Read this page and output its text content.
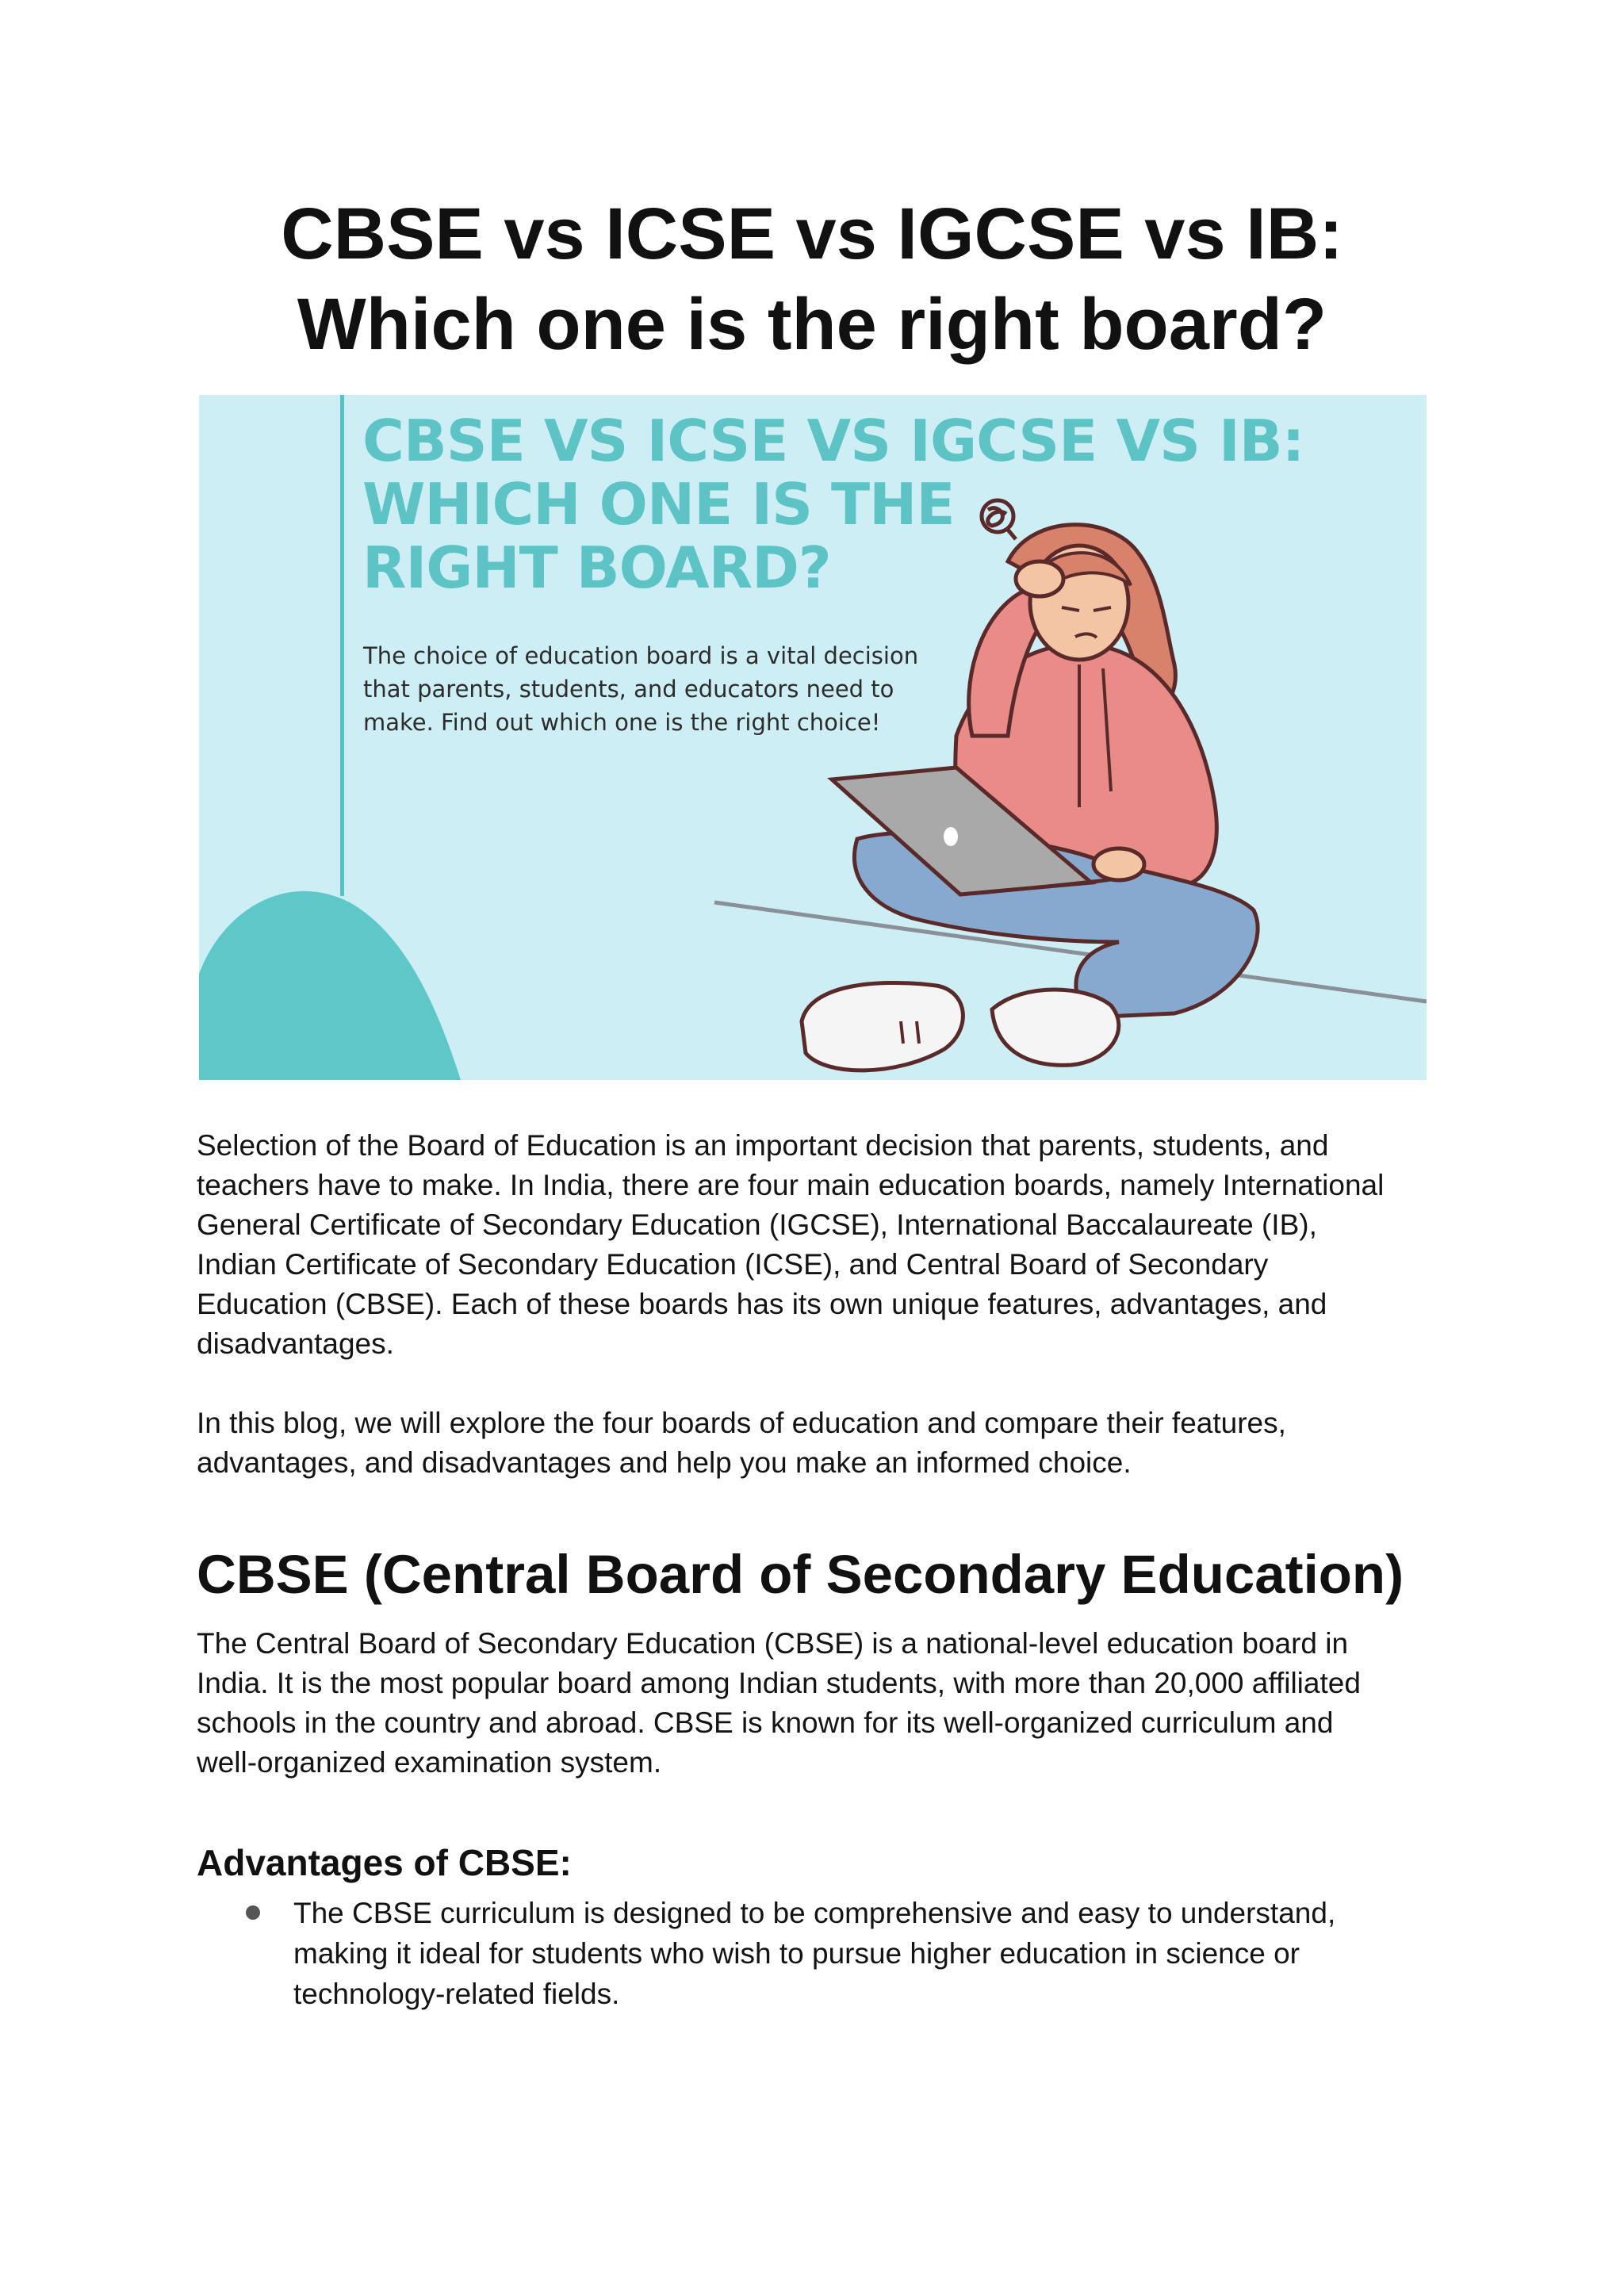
CBSE vs ICSE vs IGCSE vs IB:
Which one is the right board?
CBSE VS ICSE VS IGCSE VS IB:
WHICH ONE IS THE
RIGHT BOARD?

The choice of education board is a vital decision
that parents, students, and educators need to
make. Find out which one is the right choice!

Selection of the Board of Education is an important decision that parents, students, and
teachers have to make. In India, there are four main education boards, namely International
General Certificate of Secondary Education (IGCSE), International Baccalaureate (IB),
Indian Certificate of Secondary Education (ICSE), and Central Board of Secondary
Education (CBSE). Each of these boards has its own unique features, advantages, and
disadvantages.

In this blog, we will explore the four boards of education and compare their features,
advantages, and disadvantages and help you make an informed choice.

CBSE (Central Board of Secondary Education)

The Central Board of Secondary Education (CBSE) is a national-level education board in
India. It is the most popular board among Indian students, with more than 20,000 affiliated
schools in the country and abroad. CBSE is known for its well-organized curriculum and
well-organized examination system.

Advantages of CBSE:
The CBSE curriculum is designed to be comprehensive and easy to understand,
making it ideal for students who wish to pursue higher education in science or
technology-related fields.
